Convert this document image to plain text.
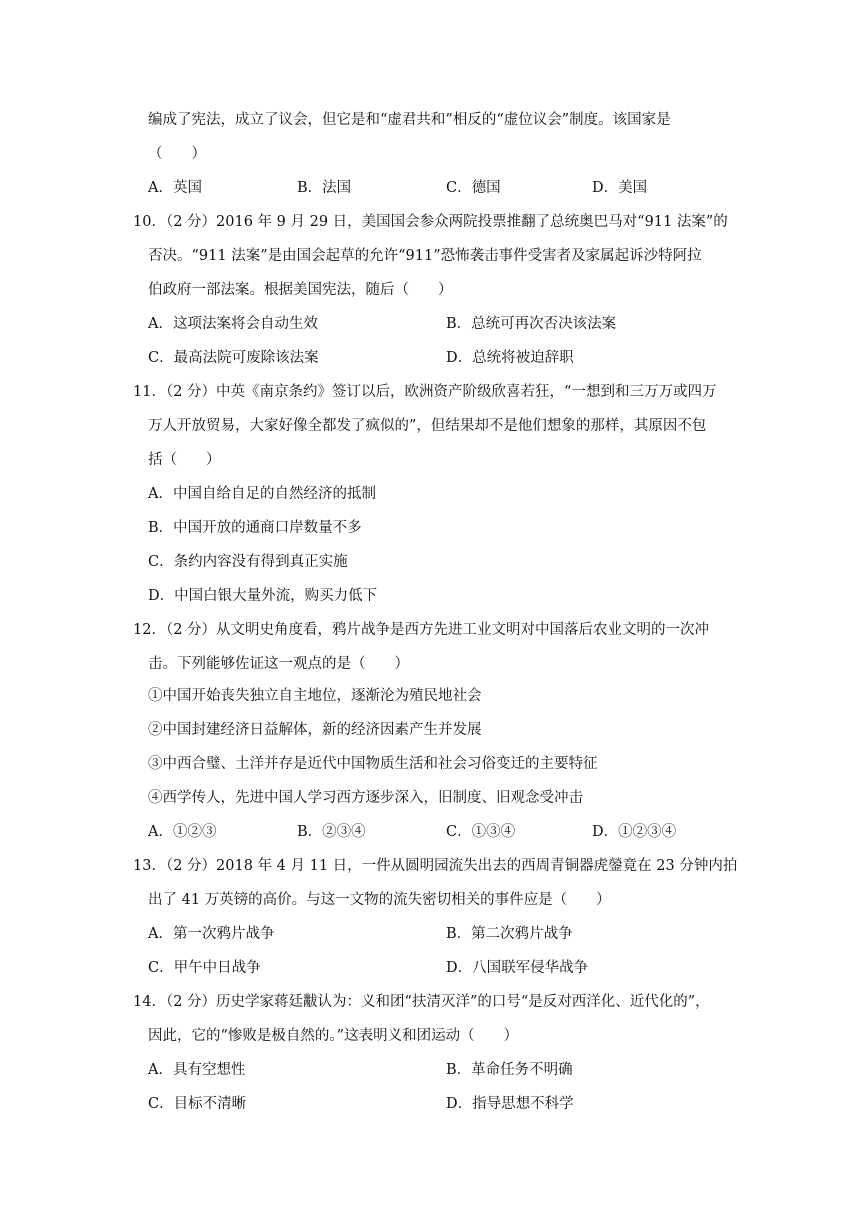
编成了宪法，成立了议会，但它是和“虚君共和”相反的“虚位议会”制度。该国家是
（　　）
A．英国	B．法国	C．德国	D．美国
10．（2 分）2016 年 9 月 29 日，美国国会参众两院投票推翻了总统奥巴马对“911 法案”的
否决。“911 法案”是由国会起草的允许“911”恐怖袭击事件受害者及家属起诉沙特阿拉
伯政府一部法案。根据美国宪法，随后（　　）
A．这项法案将会自动生效	B．总统可再次否决该法案
C．最高法院可废除该法案	D．总统将被迫辞职
11．（2 分）中英《南京条约》签订以后，欧洲资产阶级欣喜若狂，“一想到和三万万或四万
万人开放贸易，大家好像全都发了疯似的”，但结果却不是他们想象的那样，其原因不包
括（　　）
A．中国自给自足的自然经济的抵制
B．中国开放的通商口岸数量不多
C．条约内容没有得到真正实施
D．中国白银大量外流，购买力低下
12．（2 分）从文明史角度看，鸦片战争是西方先进工业文明对中国落后农业文明的一次冲
击。下列能够佐证这一观点的是（　　）
①中国开始丧失独立自主地位，逐渐沦为殖民地社会
②中国封建经济日益解体，新的经济因素产生并发展
③中西合璧、土洋并存是近代中国物质生活和社会习俗变迁的主要特征
④西学传人，先进中国人学习西方逐步深入，旧制度、旧观念受冲击
A．①②③	B．②③④	C．①③④	D．①②③④
13．（2 分）2018 年 4 月 11 日，一件从圆明园流失出去的西周青铜器虎鎣竟在 23 分钟内拍
出了 41 万英镑的高价。与这一文物的流失密切相关的事件应是（　　）
A．第一次鸦片战争	B．第二次鸦片战争
C．甲午中日战争	D．八国联军侵华战争
14．（2 分）历史学家蒋廷黻认为：义和团“扶清灭洋”的口号“是反对西洋化、近代化的”，
因此，它的“惨败是极自然的。”这表明义和团运动（　　）
A．具有空想性	B．革命任务不明确
C．目标不清晰	D．指导思想不科学
